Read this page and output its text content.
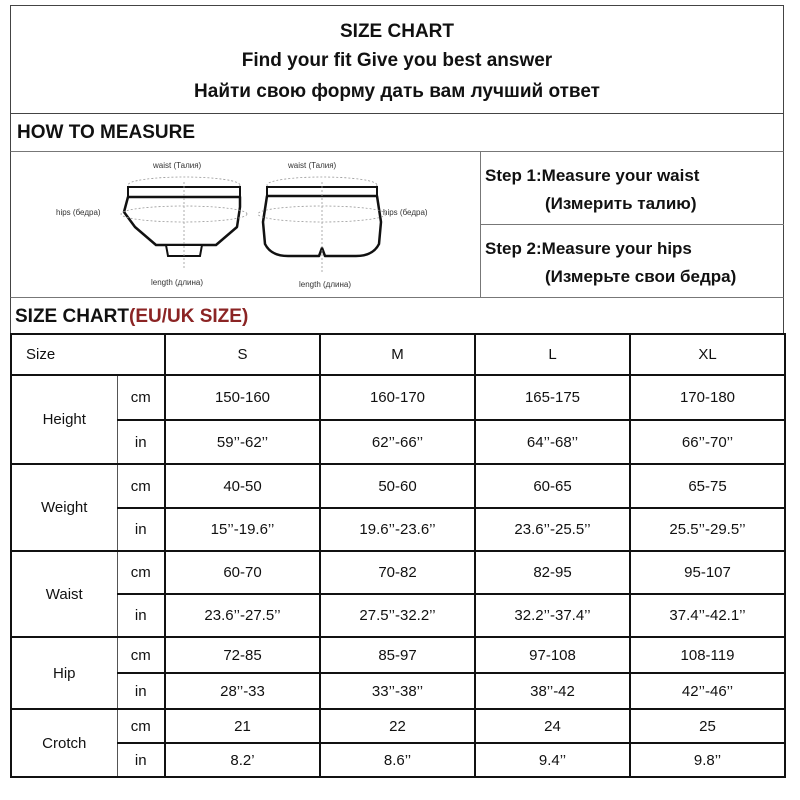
SIZE CHART
Find your fit Give you best answer
Найти свою форму дать вам лучший ответ
HOW TO MEASURE
waist (Талия)
hips (бедра)
length (длина)
waist (Талия)
hips (бедра)
length (длина)
Step 1:Measure your waist
(Измерить талию)
Step 2:Measure your hips
(Измерьте свои бедра)
SIZE CHART(EU/UK SIZE)
Size		S	M	L	XL
Height	cm	150-160	160-170	165-175	170-180
	in	59’’-62’’	62’’-66’’	64’’-68’’	66’’-70’’
Weight	cm	40-50	50-60	60-65	65-75
	in	15’’-19.6’’	19.6’’-23.6’’	23.6’’-25.5’’	25.5’’-29.5’’
Waist	cm	60-70	70-82	82-95	95-107
	in	23.6’’-27.5’’	27.5’’-32.2’’	32.2’’-37.4’’	37.4’’-42.1’’
Hip	cm	72-85	85-97	97-108	108-119
	in	28’’-33	33’’-38’’	38’’-42	42’’-46’’
Crotch	cm	21	22	24	25
	in	8.2’	8.6’’	9.4’’	9.8’’
